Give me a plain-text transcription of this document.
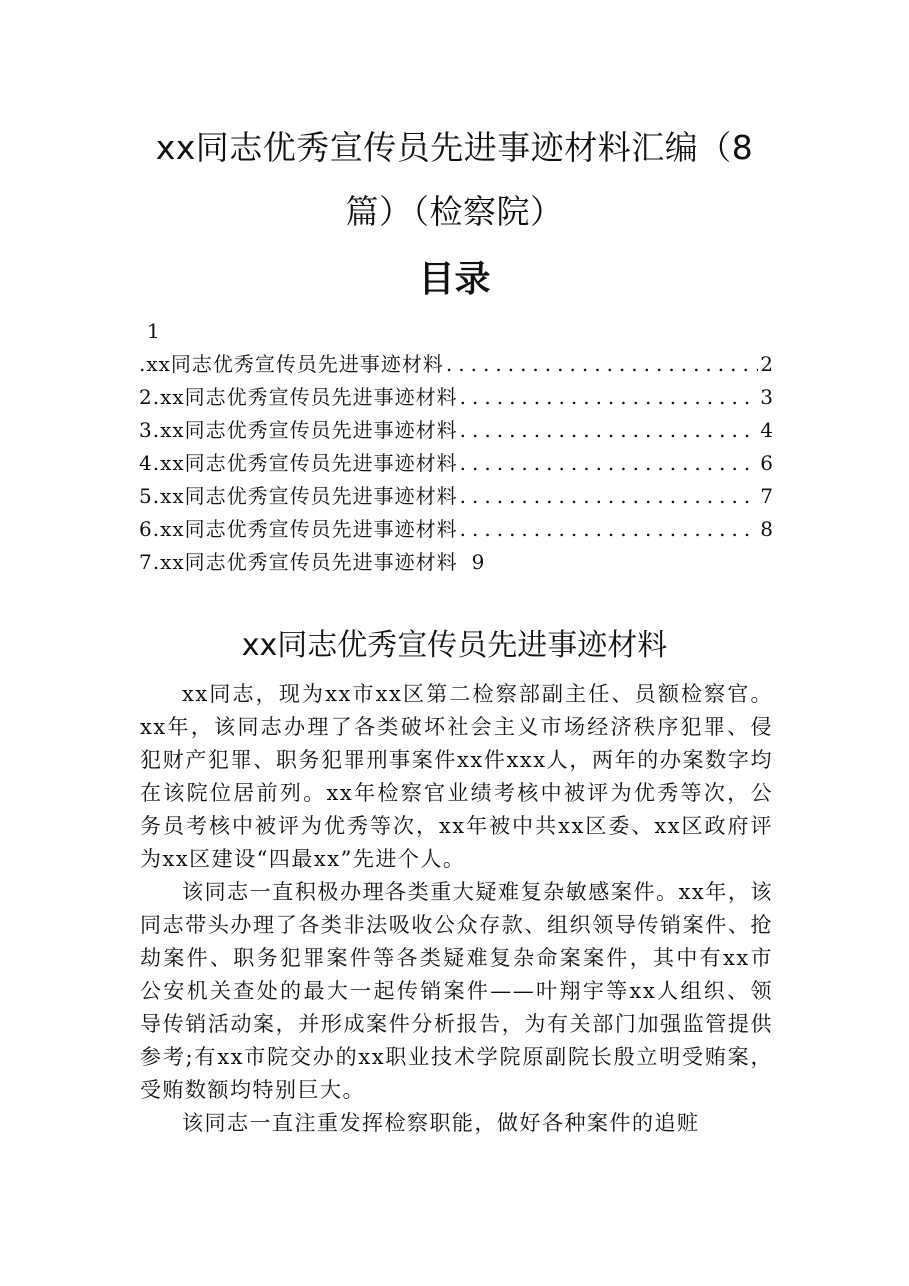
xx同志优秀宣传员先进事迹材料汇编（8
篇）（检察院）
目录
1
.xx同志优秀宣传员先进事迹材料 .....	2
2.xx同志优秀宣传员先进事迹材料 .....	3
3.xx同志优秀宣传员先进事迹材料 .....	4
4.xx同志优秀宣传员先进事迹材料 .....	6
5.xx同志优秀宣传员先进事迹材料 .....	7
6.xx同志优秀宣传员先进事迹材料 .....	8
7.xx同志优秀宣传员先进事迹材料 9
xx同志优秀宣传员先进事迹材料

xx同志，现为xx市xx区第二检察部副主任、员额检察官。xx年，该同志办理了各类破坏社会主义市场经济秩序犯罪、侵犯财产犯罪、职务犯罪刑事案件xx件xxx人，两年的办案数字均在该院位居前列。xx年检察官业绩考核中被评为优秀等次，公务员考核中被评为优秀等次，xx年被中共xx区委、xx区政府评为xx区建设“四最xx”先进个人。

该同志一直积极办理各类重大疑难复杂敏感案件。xx年，该同志带头办理了各类非法吸收公众存款、组织领导传销案件、抢劫案件、职务犯罪案件等各类疑难复杂命案案件，其中有xx市公安机关查处的最大一起传销案件——叶翔宇等xx人组织、领导传销活动案，并形成案件分析报告，为有关部门加强监管提供参考;有xx市院交办的xx职业技术学院原副院长殷立明受贿案，受贿数额均特别巨大。

该同志一直注重发挥检察职能，做好各种案件的追赃
